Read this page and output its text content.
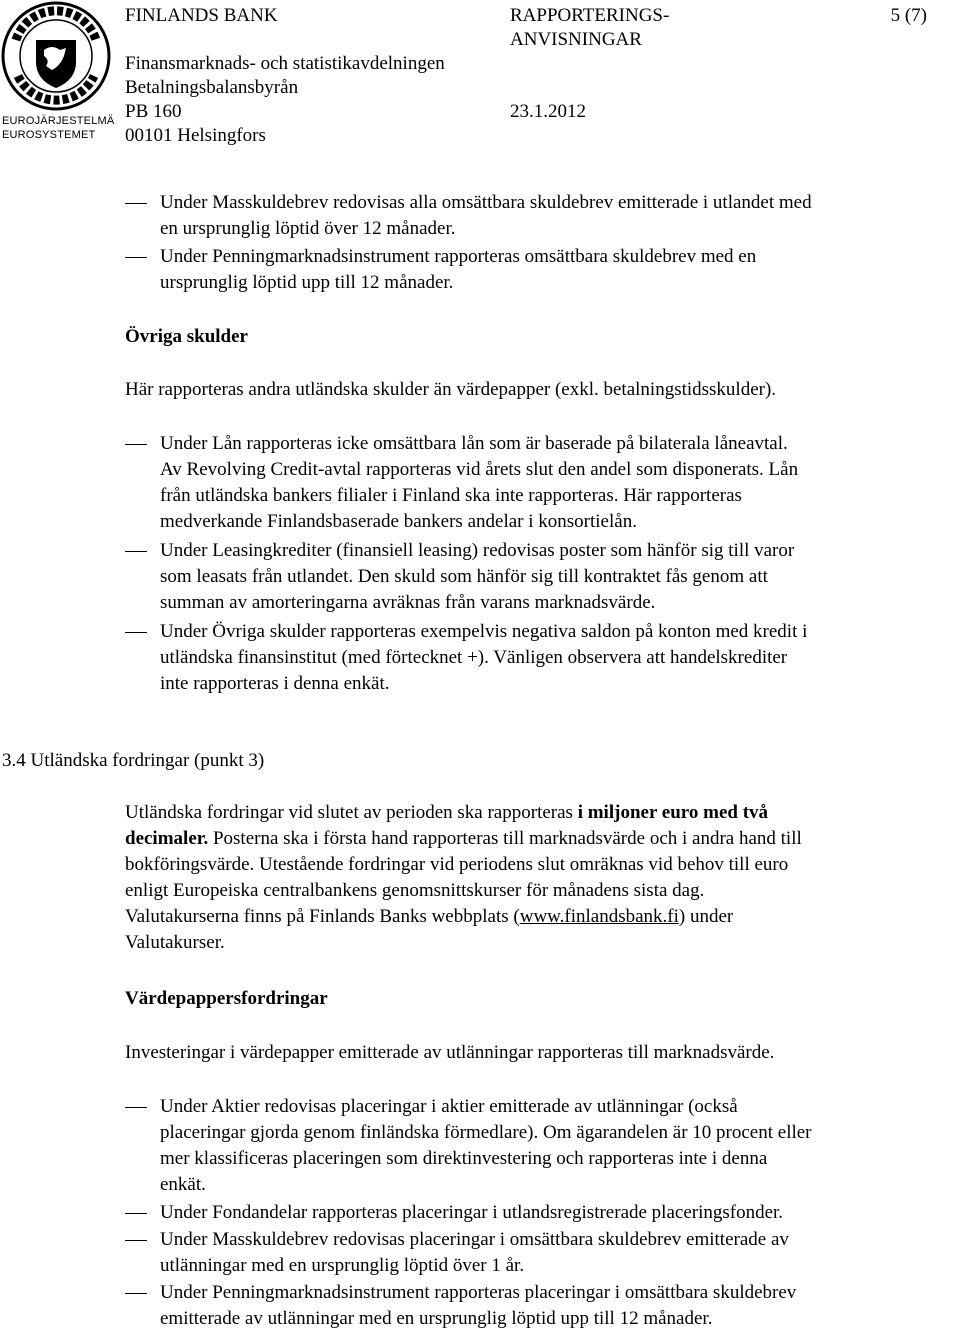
EUROJÄRJESTELMÄ
EUROSYSTEMET
FINLANDS BANK
Finansmarknads- och statistikavdelningen
Betalningsbalansbyrån
PB 160
00101 Helsingfors
RAPPORTERINGS-
ANVISNINGAR
23.1.2012
5 (7)
Under Masskuldebrev redovisas alla omsättbara skuldebrev emitterade i utlandet med
en ursprunglig löptid över 12 månader.
Under Penningmarknadsinstrument rapporteras omsättbara skuldebrev med en
ursprunglig löptid upp till 12 månader.
Övriga skulder
Här rapporteras andra utländska skulder än värdepapper (exkl. betalningstidsskulder).
Under Lån rapporteras icke omsättbara lån som är baserade på bilaterala låneavtal.
Av Revolving Credit-avtal rapporteras vid årets slut den andel som disponerats. Lån
från utländska bankers filialer i Finland ska inte rapporteras. Här rapporteras
medverkande Finlandsbaserade bankers andelar i konsortielån.
Under Leasingkrediter (finansiell leasing) redovisas poster som hänför sig till varor
som leasats från utlandet. Den skuld som hänför sig till kontraktet fås genom att
summan av amorteringarna avräknas från varans marknadsvärde.
Under Övriga skulder rapporteras exempelvis negativa saldon på konton med kredit i
utländska finansinstitut (med förtecknet +). Vänligen observera att handelskrediter
inte rapporteras i denna enkät.
3.4 Utländska fordringar (punkt 3)
Utländska fordringar vid slutet av perioden ska rapporteras i miljoner euro med två
decimaler. Posterna ska i första hand rapporteras till marknadsvärde och i andra hand till
bokföringsvärde. Utestående fordringar vid periodens slut omräknas vid behov till euro
enligt Europeiska centralbankens genomsnittskurser för månadens sista dag.
Valutakurserna finns på Finlands Banks webbplats (www.finlandsbank.fi) under
Valutakurser.
Värdepappersfordringar
Investeringar i värdepapper emitterade av utlänningar rapporteras till marknadsvärde.
Under Aktier redovisas placeringar i aktier emitterade av utlänningar (också
placeringar gjorda genom finländska förmedlare). Om ägarandelen är 10 procent eller
mer klassificeras placeringen som direktinvestering och rapporteras inte i denna
enkät.
Under Fondandelar rapporteras placeringar i utlandsregistrerade placeringsfonder.
Under Masskuldebrev redovisas placeringar i omsättbara skuldebrev emitterade av
utlänningar med en ursprunglig löptid över 1 år.
Under Penningmarknadsinstrument rapporteras placeringar i omsättbara skuldebrev
emitterade av utlänningar med en ursprunglig löptid upp till 12 månader.
